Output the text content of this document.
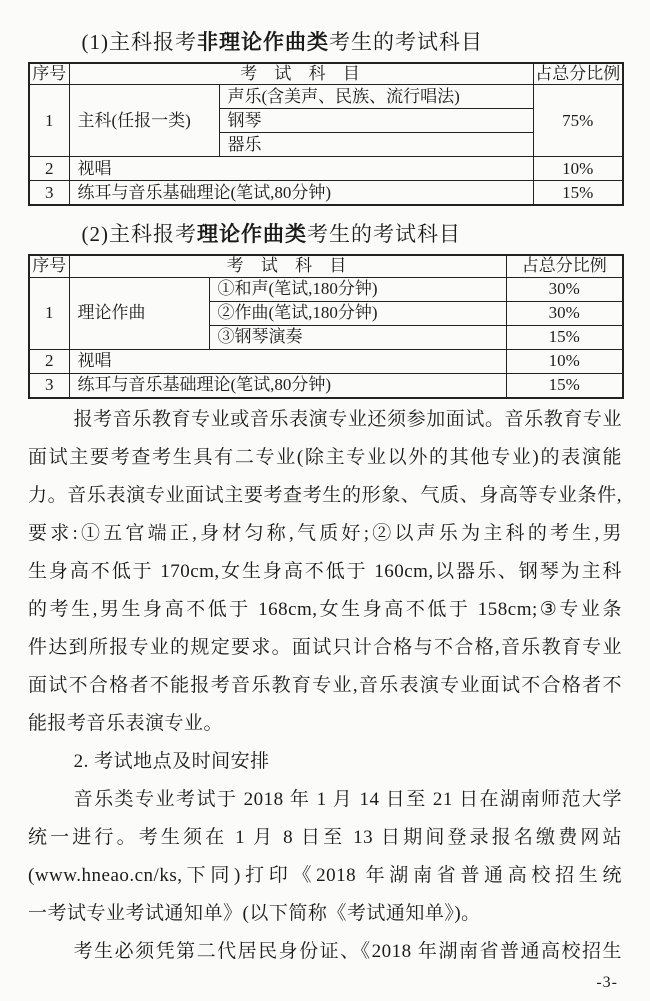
(1)主科报考非理论作曲类考生的考试科目
序号	考 试 科 目		占总分比例
1	主科(任报一类)	声乐(含美声、民族、流行唱法)	75%
		钢琴	
		器乐	
2	视唱		10%
3	练耳与音乐基础理论(笔试,80分钟)		15%
(2)主科报考理论作曲类考生的考试科目
序号	考 试 科 目		占总分比例
1	理论作曲	①和声(笔试,180分钟)	30%
		②作曲(笔试,180分钟)	30%
		③钢琴演奏	15%
2	视唱		10%
3	练耳与音乐基础理论(笔试,80分钟)		15%
报考音乐教育专业或音乐表演专业还须参加面试。音乐教育专业
面试主要考查考生具有二专业(除主专业以外的其他专业)的表演能
力。音乐表演专业面试主要考查考生的形象、气质、身高等专业条件,
要求:①五官端正,身材匀称,气质好;②以声乐为主科的考生,男
生身高不低于 170cm,女生身高不低于 160cm,以器乐、钢琴为主科
的考生,男生身高不低于 168cm,女生身高不低于 158cm;③专业条
件达到所报专业的规定要求。面试只计合格与不合格,音乐教育专业
面试不合格者不能报考音乐教育专业,音乐表演专业面试不合格者不
能报考音乐表演专业。
2. 考试地点及时间安排
音乐类专业考试于 2018 年 1 月 14 日至 21 日在湖南师范大学
统一进行。考生须在 1 月 8 日至 13 日期间登录报名缴费网站
(www.hneao.cn/ks,下同)打印《2018 年湖南省普通高校招生统
一考试专业考试通知单》(以下简称《考试通知单》)。
考生必须凭第二代居民身份证、《2018 年湖南省普通高校招生
-3-
